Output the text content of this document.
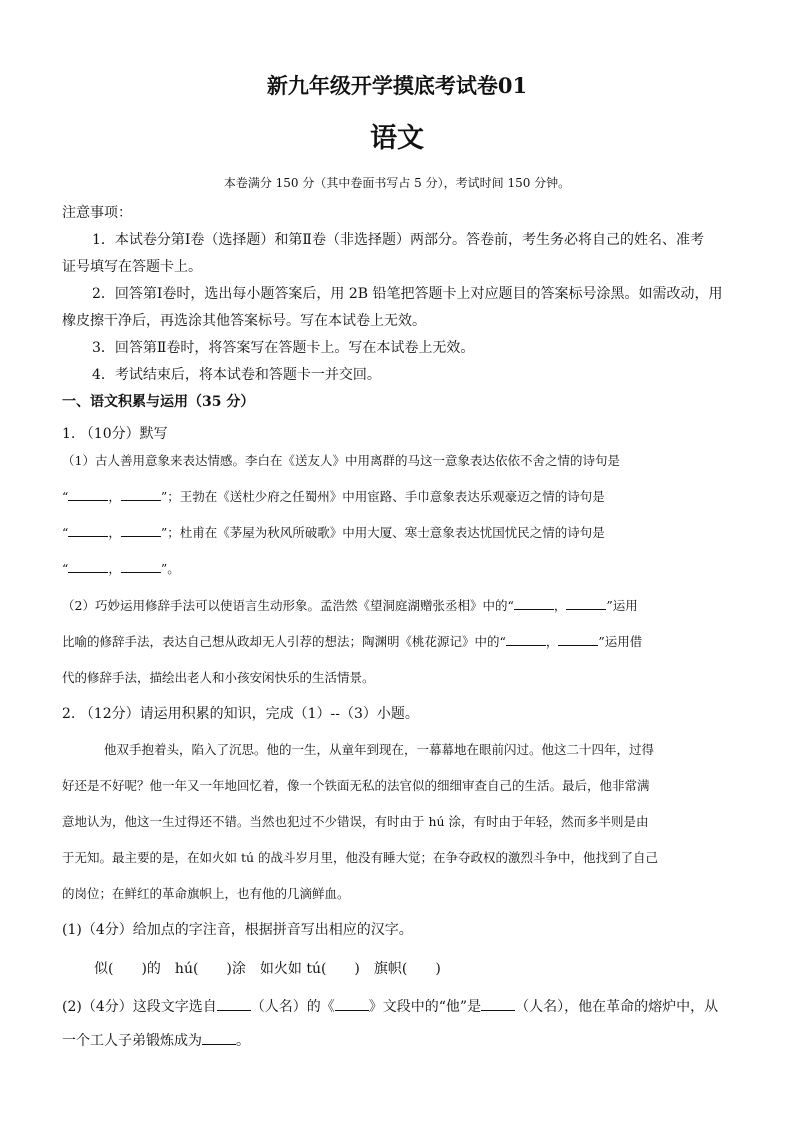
新九年级开学摸底考试卷01
语文
本卷满分 150 分（其中卷面书写占 5 分），考试时间 150 分钟。
注意事项：
1．本试卷分第Ⅰ卷（选择题）和第Ⅱ卷（非选择题）两部分。答卷前，考生务必将自己的姓名、准考
证号填写在答题卡上。
2．回答第Ⅰ卷时，选出每小题答案后，用 2B 铅笔把答题卡上对应题目的答案标号涂黑。如需改动，用
橡皮擦干净后，再选涂其他答案标号。写在本试卷上无效。
3．回答第Ⅱ卷时，将答案写在答题卡上。写在本试卷上无效。
4．考试结束后，将本试卷和答题卡一并交回。
一、语文积累与运用（35 分）
1. （10分）默写
（1）古人善用意象来表达情感。李白在《送友人》中用离群的马这一意象表达依依不舍之情的诗句是
“	，	”；王勃在《送杜少府之任蜀州》中用宦路、手巾意象表达乐观豪迈之情的诗句是
“	，	”；杜甫在《茅屋为秋风所破歌》中用大厦、寒士意象表达忧国忧民之情的诗句是
“	，	”。
（2）巧妙运用修辞手法可以使语言生动形象。孟浩然《望洞庭湖赠张丞相》中的“	，	”运用
比喻的修辞手法，表达自己想从政却无人引荐的想法；陶渊明《桃花源记》中的“	，	”运用借
代的修辞手法，描绘出老人和小孩安闲快乐的生活情景。
2. （12分）请运用积累的知识，完成（1）--（3）小题。
他双手抱着头，陷入了沉思。他的一生，从童年到现在，一幕幕地在眼前闪过。他这二十四年，过得
好还是不好呢？他一年又一年地回忆着，像一个铁面无私的法官似的细细审查自己的生活。最后，他非常满
意地认为，他这一生过得还不错。当然也犯过不少错误，有时由于 hú 涂，有时由于年轻，然而多半则是由
于无知。最主要的是，在如火如 tú 的战斗岁月里，他没有睡大觉；在争夺政权的激烈斗争中，他找到了自己
的岗位；在鲜红的革命旗帜上，也有他的几滴鲜血。
(1)（4分）给加点的字注音，根据拼音写出相应的汉字。
似(　　)的　hú(　　)涂　如火如 tú(　　)　旗帜(　　)
(2)（4分）这段文字选自 （人名）的《 》文段中的“他”是 （人名），他在革命的熔炉中，从
一个工人子弟锻炼成为 。
